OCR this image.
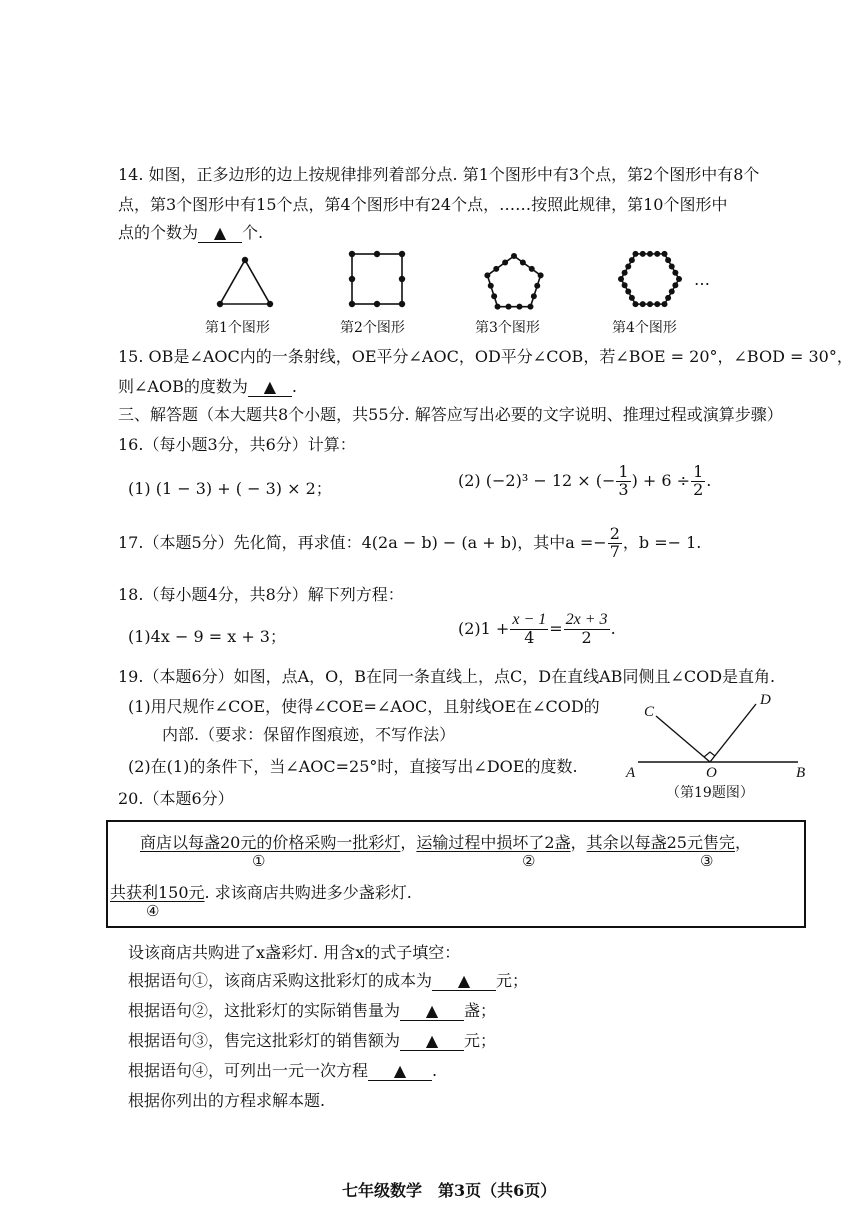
14. 如图，正多边形的边上按规律排列着部分点. 第1个图形中有3个点，第2个图形中有8个
点，第3个图形中有15个点，第4个图形中有24个点，……按照此规律，第10个图形中
点的个数为 ▲ 个.
…
第1个图形	第2个图形	第3个图形	第4个图形
15. OB是∠AOC内的一条射线，OE平分∠AOC，OD平分∠COB，若∠BOE = 20°，∠BOD = 30°，
则∠AOB的度数为 ▲ .
三、解答题（本大题共8个小题，共55分. 解答应写出必要的文字说明、推理过程或演算步骤）
16.（每小题3分，共6分）计算：
(1) (1 − 3) + ( − 3) × 2；	(2) (−2)³ − 12 × (− $\frac{1}{3}$ ) + $6 \div \frac{1}{2}$ .
17.（本题5分）先化简，再求值：4(2a − b) − (a + b)，其中$a =- \frac{2}{7}$ ，b =− 1.
18.（每小题4分，共8分）解下列方程：
(1)4x − 9 = x + 3；	$(2)1 + \frac{x - 1}{4} = \frac{2x + 3}{2}$ .
19.（本题6分）如图，点A，O，B在同一条直线上，点C，D在直线AB同侧且∠COD是直角.
(1)用尺规作∠COE，使得∠COE=∠AOC，且射线OE在∠COD的
内部.（要求：保留作图痕迹，不写作法）
(2)在(1)的条件下，当∠AOC=25°时，直接写出∠DOE的度数.	A	O	B
C
D
（第19题图）
20.（本题6分）
商店以每盏20元的价格采购一批彩灯，运输过程中损坏了2盏，其余以每盏25元售完，
①	②	③
共获利150元. 求该商店共购进多少盏彩灯.
④
设该商店共购进了x盏彩灯. 用含x的式子填空：
根据语句①，该商店采购这批彩灯的成本为 ▲ 元；
根据语句②，这批彩灯的实际销售量为 ▲ 盏；
根据语句③，售完这批彩灯的销售额为 ▲ 元；
根据语句④，可列出一元一次方程 ▲ .
根据你列出的方程求解本题.
七年级数学　第3页（共6页）
